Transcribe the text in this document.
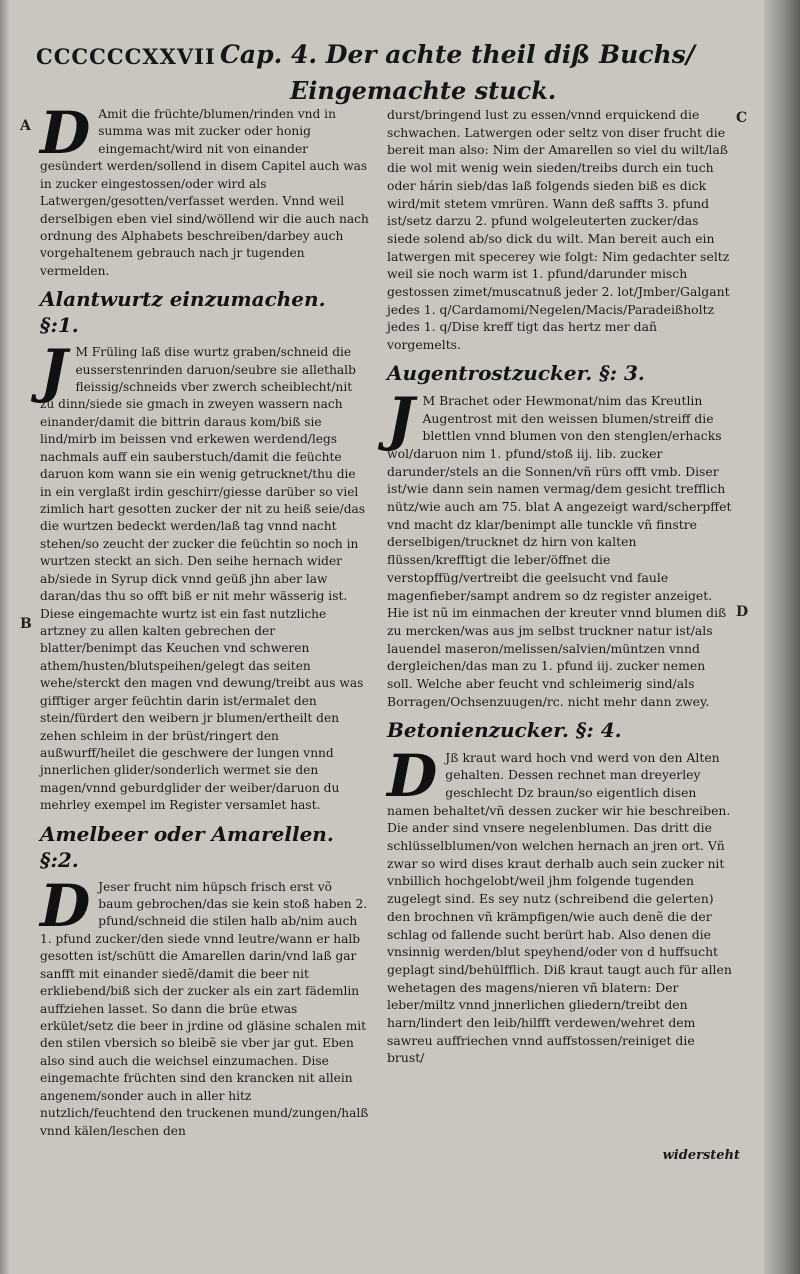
CCCCCCXXVII Cap. 4. Der achte theil diß Buchs/
Eingemachte stuck.
A
B
C
D

D Amit die früchte/blumen/rinden vnd in summa was mit zucker oder honig eingemacht/wird nit von einander gesündert werden/sollend in disem Capitel auch was in zucker eingestossen/oder wird als Latwergen/gesotten/verfasset werden. Vnnd weil derselbigen eben viel sind/wöllend wir die auch nach ordnung des Alphabets beschreiben/darbey auch vorgehaltenem gebrauch nach jr tugenden vermelden.

Alantwurtz einzumachen. §:1.

J M Früling laß dise wurtz graben/schneid die eusserstenrinden daruon/seubre sie allethalb fleissig/schneids vber zwerch scheiblecht/nit zu dinn/siede sie gmach in zweyen wassern nach einander/damit die bittrin daraus kom/biß sie lind/mirb im beissen vnd erkewen werdend/legs nachmals auff ein sauberstuch/damit die feüchte daruon kom wann sie ein wenig getrucknet/thu die in ein verglaßt irdin geschirr/giesse darüber so viel zimlich hart gesotten zucker der nit zu heiß seie/das die wurtzen bedeckt werden/laß tag vnnd nacht stehen/so zeucht der zucker die feüchtin so noch in wurtzen steckt an sich. Den seihe hernach wider ab/siede in Syrup dick vnnd geüß jhn aber law daran/das thu so offt biß er nit mehr wässerig ist. Diese eingemachte wurtz ist ein fast nutzliche artzney zu allen kalten gebrechen der blatter/benimpt das Keuchen vnd schweren athem/husten/blutspeihen/gelegt das seiten wehe/sterckt den magen vnd dewung/treibt aus was gifftiger arger feüchtin darin ist/ermalet den stein/fürdert den weibern jr blumen/ertheilt den zehen schleim in der brüst/ringert den außwurff/heilet die geschwere der lungen vnnd jnnerlichen glider/sonderlich wermet sie den magen/vnnd geburdglider der weiber/daruon du mehrley exempel im Register versamlet hast.

Amelbeer oder Amarellen. §:2.

D Jeser frucht nim hüpsch frisch erst võ baum gebrochen/das sie kein stoß haben 2. pfund/schneid die stilen halb ab/nim auch 1. pfund zucker/den siede vnnd leutre/wann er halb gesotten ist/schütt die Amarellen darin/vnd laß gar sanfft mit einander siedẽ/damit die beer nit erkliebend/biß sich der zucker als ein zart fädemlin auffziehen lasset. So dann die brüe etwas erkület/setz die beer in jrdine od gläsine schalen mit den stilen vbersich so bleibẽ sie vber jar gut. Eben also sind auch die weichsel einzumachen. Dise eingemachte früchten sind den krancken nit allein angenem/sonder auch in aller hitz nutzlich/feuchtend den truckenen mund/zungen/halß vnnd kälen/leschen den

durst/bringend lust zu essen/vnnd erquickend die schwachen. Latwergen oder seltz von diser frucht die bereit man also: Nim der Amarellen so viel du wilt/laß die wol mit wenig wein sieden/treibs durch ein tuch oder hárin sieb/das laß folgends sieden biß es dick wird/mit stetem vmrüren. Wann deß saffts 3. pfund ist/setz darzu 2. pfund wolgeleuterten zucker/das siede solend ab/so dick du wilt. Man bereit auch ein latwergen mit specerey wie folgt: Nim gedachter seltz weil sie noch warm ist 1. pfund/darunder misch gestossen zimet/muscatnuß jeder 2. lot/Jmber/Galgant jedes 1. q/Cardamomi/Negelen/Macis/Paradeißholtz jedes 1. q/Dise kreff tigt das hertz mer dañ vorgemelts.

Augentrostzucker. §: 3.

J M Brachet oder Hewmonat/nim das Kreutlin Augentrost mit den weissen blumen/streiff die blettlen vnnd blumen von den stenglen/erhacks wol/daruon nim 1. pfund/stoß iij. lib. zucker darunder/stels an die Sonnen/vñ rürs offt vmb. Diser ist/wie dann sein namen vermag/dem gesicht trefflich nütz/wie auch am 75. blat A angezeigt ward/scherpffet vnd macht dz klar/benimpt alle tunckle vñ finstre derselbigen/trucknet dz hirn von kalten flüssen/krefftigt die leber/öffnet die verstopffüg/vertreibt die geelsucht vnd faule magenfieber/sampt andrem so dz register anzeiget. Hie ist nũ im einmachen der kreuter vnnd blumen diß zu mercken/was aus jm selbst truckner natur ist/als lauendel maseron/melissen/salvien/müntzen vnnd dergleichen/das man zu 1. pfund iij. zucker nemen soll. Welche aber feucht vnd schleimerig sind/als Borragen/Ochsenzuugen/rc. nicht mehr dann zwey.

Betonienzucker. §: 4.

D Jß kraut ward hoch vnd werd von den Alten gehalten. Dessen rechnet man dreyerley geschlecht Dz braun/so eigentlich disen namen behaltet/vñ dessen zucker wir hie beschreiben. Die ander sind vnsere negelenblumen. Das dritt die schlüsselblumen/von welchen hernach an jren ort. Vñ zwar so wird dises kraut derhalb auch sein zucker nit vnbillich hochgelobt/weil jhm folgende tugenden zugelegt sind. Es sey nutz (schreibend die gelerten) den brochnen vñ krämpfigen/wie auch denẽ die der schlag od fallende sucht berürt hab. Also denen die vnsinnig werden/blut speyhend/oder von d huffsucht geplagt sind/behülfflich. Diß kraut taugt auch für allen wehetagen des magens/nieren vñ blatern: Der leber/miltz vnnd jnnerlichen gliedern/treibt den harn/lindert den leib/hilfft verdewen/wehret dem sawreu auffriechen vnnd auffstossen/reiniget die brust/

widersteht
